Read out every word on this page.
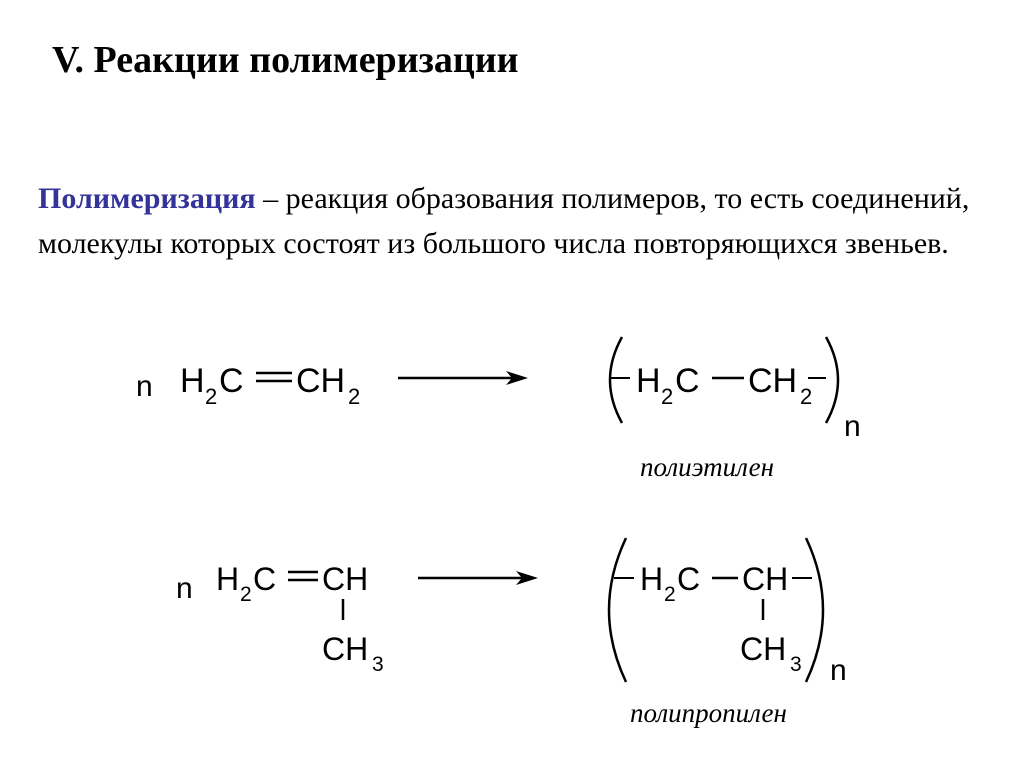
V. Реакции полимеризации
Полимеризация – реакция образования полимеров, то есть соединений, молекулы которых состоят из большого числа повторяющихся звеньев.
n H 2 C CH 2	H 2 C CH 2
n
полиэтилен
n H 2 C CH
CH 3
H 2 C CH
CH 3 n
полипропилен
